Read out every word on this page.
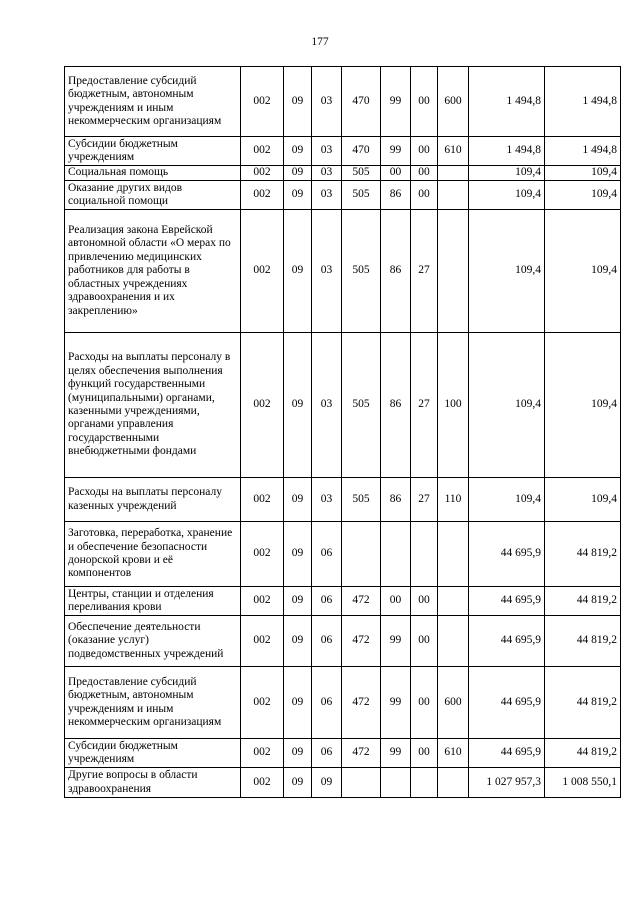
177
Предоставление субсидий бюджетным, автономным учреждениям и иным некоммерческим организациям	002	09	03	470	99	00	600	1 494,8	1 494,8
Субсидии бюджетным учреждениям	002	09	03	470	99	00	610	1 494,8	1 494,8
Социальная помощь	002	09	03	505	00	00		109,4	109,4
Оказание других видов социальной помощи	002	09	03	505	86	00		109,4	109,4
Реализация закона Еврейской автономной области «О мерах по привлечению медицинских работников для работы в областных учреждениях здравоохранения и их закреплению»	002	09	03	505	86	27		109,4	109,4
Расходы на выплаты персоналу в целях обеспечения выполнения функций государственными (муниципальными) органами, казенными учреждениями, органами управления государственными внебюджетными фондами	002	09	03	505	86	27	100	109,4	109,4
Расходы на выплаты персоналу казенных учреждений	002	09	03	505	86	27	110	109,4	109,4
Заготовка, переработка, хранение и обеспечение безопасности донорской крови и её компонентов	002	09	06					44 695,9	44 819,2
Центры, станции и отделения переливания крови	002	09	06	472	00	00		44 695,9	44 819,2
Обеспечение деятельности (оказание услуг) подведомственных учреждений	002	09	06	472	99	00		44 695,9	44 819,2
Предоставление субсидий бюджетным, автономным учреждениям и иным некоммерческим организациям	002	09	06	472	99	00	600	44 695,9	44 819,2
Субсидии бюджетным учреждениям	002	09	06	472	99	00	610	44 695,9	44 819,2
Другие вопросы в области здравоохранения	002	09	09					1 027 957,3	1 008 550,1
